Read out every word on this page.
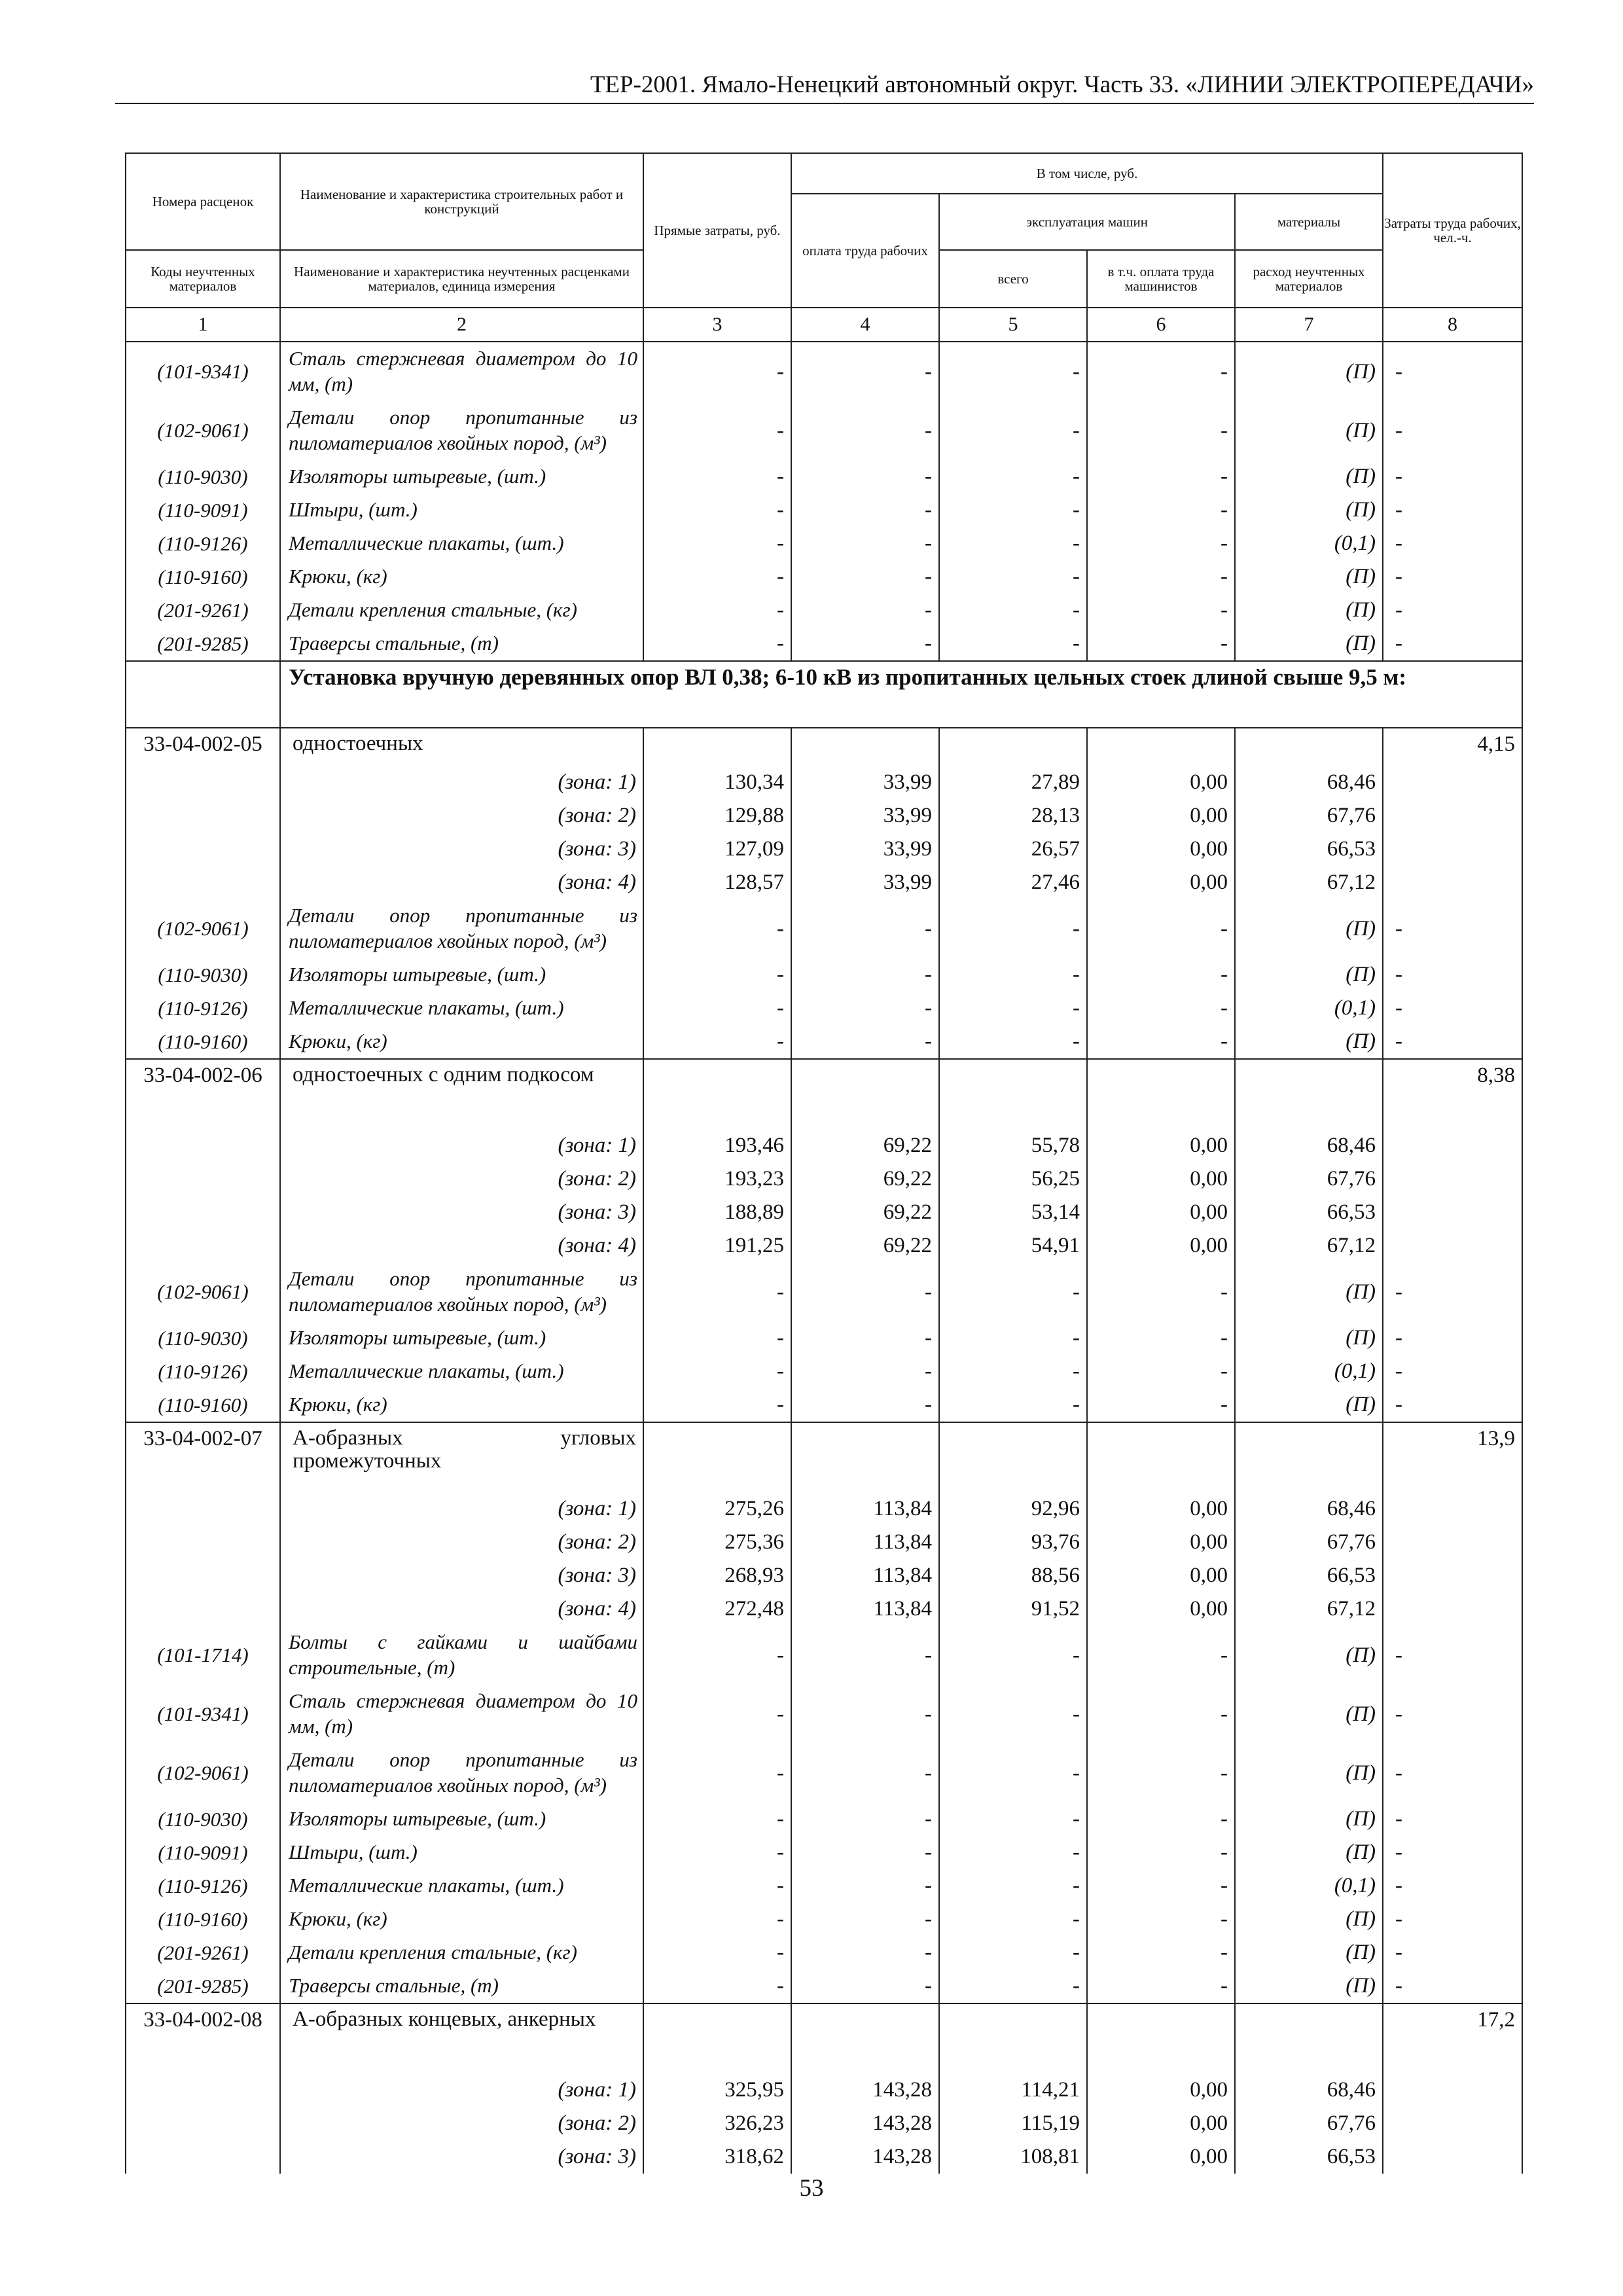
ТЕР-2001. Ямало-Ненецкий автономный округ. Часть 33. «ЛИНИИ ЭЛЕКТРОПЕРЕДАЧИ»
Номера расценок	Наименование и характеристика строительных работ и конструкций	Прямые затраты, руб.	В том числе, руб.				Затраты труда рабочих, чел.-ч.
			оплата труда рабочих	эксплуатация машин		материалы	
Коды неучтенных материалов	Наименование и характеристика неучтенных расценками материалов, единица измерения			всего	в т.ч. оплата труда машинистов	расход неучтенных материалов	
1	2	3	4	5	6	7	8
(101-9341)	Сталь стержневая диаметром до 10 мм, (т)	-	-	-	-	(П)	-
(102-9061)	Детали опор пропитанные из пиломатериалов хвойных пород, (м³)	-	-	-	-	(П)	-
(110-9030)	Изоляторы штыревые, (шт.)	-	-	-	-	(П)	-
(110-9091)	Штыри, (шт.)	-	-	-	-	(П)	-
(110-9126)	Металлические плакаты, (шт.)	-	-	-	-	(0,1)	-
(110-9160)	Крюки, (кг)	-	-	-	-	(П)	-
(201-9261)	Детали крепления стальные, (кг)	-	-	-	-	(П)	-
(201-9285)	Траверсы стальные, (т)	-	-	-	-	(П)	-
	Установка вручную деревянных опор ВЛ 0,38; 6-10 кВ из пропитанных цельных стоек длиной свыше 9,5 м:						
33-04-002-05	одностоечных						4,15
	(зона: 1)	130,34	33,99	27,89	0,00	68,46	
	(зона: 2)	129,88	33,99	28,13	0,00	67,76	
	(зона: 3)	127,09	33,99	26,57	0,00	66,53	
	(зона: 4)	128,57	33,99	27,46	0,00	67,12	
(102-9061)	Детали опор пропитанные из пиломатериалов хвойных пород, (м³)	-	-	-	-	(П)	-
(110-9030)	Изоляторы штыревые, (шт.)	-	-	-	-	(П)	-
(110-9126)	Металлические плакаты, (шт.)	-	-	-	-	(0,1)	-
(110-9160)	Крюки, (кг)	-	-	-	-	(П)	-
33-04-002-06	одностоечных с одним подкосом						8,38
	(зона: 1)	193,46	69,22	55,78	0,00	68,46	
	(зона: 2)	193,23	69,22	56,25	0,00	67,76	
	(зона: 3)	188,89	69,22	53,14	0,00	66,53	
	(зона: 4)	191,25	69,22	54,91	0,00	67,12	
(102-9061)	Детали опор пропитанные из пиломатериалов хвойных пород, (м³)	-	-	-	-	(П)	-
(110-9030)	Изоляторы штыревые, (шт.)	-	-	-	-	(П)	-
(110-9126)	Металлические плакаты, (шт.)	-	-	-	-	(0,1)	-
(110-9160)	Крюки, (кг)	-	-	-	-	(П)	-
33-04-002-07	А-образных угловых промежуточных						13,9
	(зона: 1)	275,26	113,84	92,96	0,00	68,46	
	(зона: 2)	275,36	113,84	93,76	0,00	67,76	
	(зона: 3)	268,93	113,84	88,56	0,00	66,53	
	(зона: 4)	272,48	113,84	91,52	0,00	67,12	
(101-1714)	Болты с гайками и шайбами строительные, (т)	-	-	-	-	(П)	-
(101-9341)	Сталь стержневая диаметром до 10 мм, (т)	-	-	-	-	(П)	-
(102-9061)	Детали опор пропитанные из пиломатериалов хвойных пород, (м³)	-	-	-	-	(П)	-
(110-9030)	Изоляторы штыревые, (шт.)	-	-	-	-	(П)	-
(110-9091)	Штыри, (шт.)	-	-	-	-	(П)	-
(110-9126)	Металлические плакаты, (шт.)	-	-	-	-	(0,1)	-
(110-9160)	Крюки, (кг)	-	-	-	-	(П)	-
(201-9261)	Детали крепления стальные, (кг)	-	-	-	-	(П)	-
(201-9285)	Траверсы стальные, (т)	-	-	-	-	(П)	-
33-04-002-08	А-образных концевых, анкерных						17,2
	(зона: 1)	325,95	143,28	114,21	0,00	68,46	
	(зона: 2)	326,23	143,28	115,19	0,00	67,76	
	(зона: 3)	318,62	143,28	108,81	0,00	66,53	
53
